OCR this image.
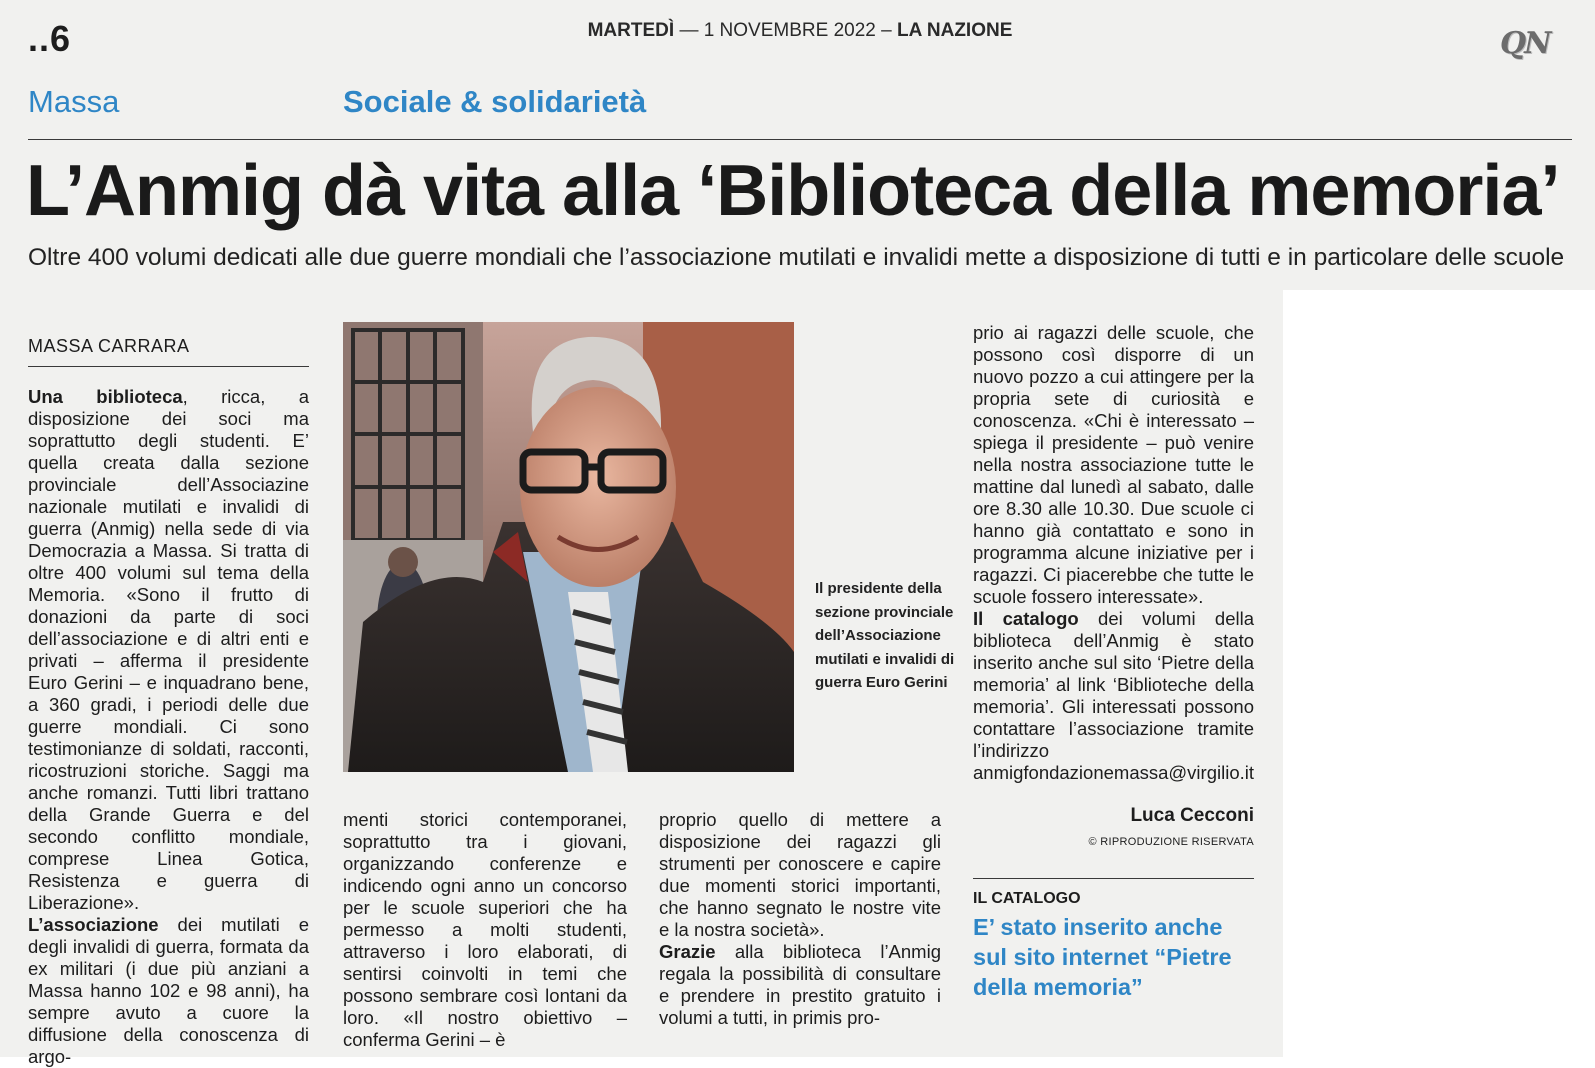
..6	MARTEDÌ — 1 NOVEMBRE 2022 – LA NAZIONE	QN
Massa	Sociale & solidarietà
L’Anmig dà vita alla ‘Biblioteca della memoria’
Oltre 400 volumi dedicati alle due guerre mondiali che l’associazione mutilati e invalidi mette a disposizione di tutti e in particolare delle scuole
MASSA CARRARA

Una biblioteca, ricca, a disposizione dei soci ma soprattutto degli studenti. E’ quella creata dalla sezione provinciale dell’Associazine nazionale mutilati e invalidi di guerra (Anmig) nella sede di via Democrazia a Massa. Si tratta di oltre 400 volumi sul tema della Memoria. «Sono il frutto di donazioni da parte di soci dell’associazione e di altri enti e privati – afferma il presidente Euro Gerini – e inquadrano bene, a 360 gradi, i periodi delle due guerre mondiali. Ci sono testimonianze di soldati, racconti, ricostruzioni storiche. Saggi ma anche romanzi. Tutti libri trattano della Grande Guerra e del secondo conflitto mondiale, comprese Linea Gotica, Resistenza e guerra di Liberazione».

L’associazione dei mutilati e degli invalidi di guerra, formata da ex militari (i due più anziani a Massa hanno 102 e 98 anni), ha sempre avuto a cuore la diffusione della conoscenza di argo-

Il presidente della sezione provinciale dell’Associazione mutilati e invalidi di guerra Euro Gerini

menti storici contemporanei, soprattutto tra i giovani, organizzando conferenze e indicendo ogni anno un concorso per le scuole superiori che ha permesso a molti studenti, attraverso i loro elaborati, di sentirsi coinvolti in temi che possono sembrare così lontani da loro. «Il nostro obiettivo – conferma Gerini – è

proprio quello di mettere a disposizione dei ragazzi gli strumenti per conoscere e capire due momenti storici importanti, che hanno segnato le nostre vite e la nostra società».

Grazie alla biblioteca l’Anmig regala la possibilità di consultare e prendere in prestito gratuito i volumi a tutti, in primis pro-

prio ai ragazzi delle scuole, che possono così disporre di un nuovo pozzo a cui attingere per la propria sete di curiosità e conoscenza. «Chi è interessato – spiega il presidente – può venire nella nostra associazione tutte le mattine dal lunedì al sabato, dalle ore 8.30 alle 10.30. Due scuole ci hanno già contattato e sono in programma alcune iniziative per i ragazzi. Ci piacerebbe che tutte le scuole fossero interessate».

Il catalogo dei volumi della biblioteca dell’Anmig è stato inserito anche sul sito ‘Pietre della memoria’ al link ‘Biblioteche della memoria’. Gli interessati possono contattare l’associazione tramite l’indirizzo anmigfondazionemassa@virgilio.it

Luca Cecconi
© RIPRODUZIONE RISERVATA
IL CATALOGO
E’ stato inserito anche sul sito internet “Pietre della memoria”
